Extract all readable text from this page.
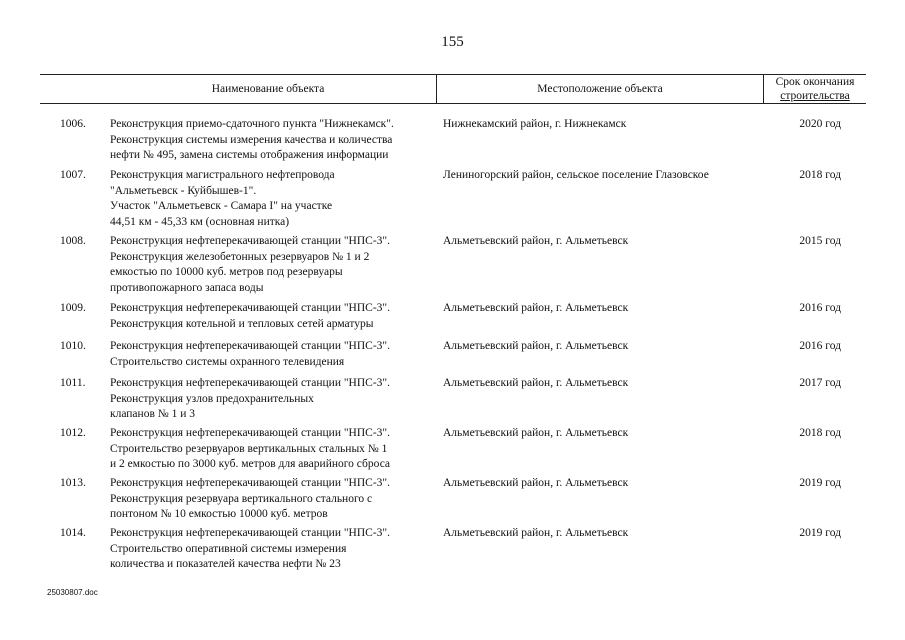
155
Наименование объекта	Местоположение объекта
Срок окончания
строительства
1006.	Реконструкция приемо-сдаточного пункта "Нижнекамск".
Реконструкция системы измерения качества и количества
нефти № 495, замена системы отображения информации
Нижнекамский район, г. Нижнекамск	2020 год
1007.	Реконструкция магистрального нефтепровода
"Альметьевск - Куйбышев-1".
Участок "Альметьевск - Самара I" на участке
44,51 км - 45,33 км (основная нитка)
Лениногорский район, сельское поселение Глазовское	2018 год
1008.	Реконструкция нефтеперекачивающей станции "НПС-3".
Реконструкция железобетонных резервуаров № 1 и 2
емкостью по 10000 куб. метров под резервуары
противопожарного запаса воды
Альметьевский район, г. Альметьевск	2015 год
1009.	Реконструкция нефтеперекачивающей станции "НПС-3".
Реконструкция котельной и тепловых сетей арматуры
Альметьевский район, г. Альметьевск	2016 год
1010.	Реконструкция нефтеперекачивающей станции "НПС-3".
Строительство системы охранного телевидения
Альметьевский район, г. Альметьевск	2016 год
1011.	Реконструкция нефтеперекачивающей станции "НПС-3".
Реконструкция узлов предохранительных
клапанов № 1 и 3
Альметьевский район, г. Альметьевск	2017 год
1012.	Реконструкция нефтеперекачивающей станции "НПС-3".
Строительство резервуаров вертикальных стальных № 1
и 2 емкостью по 3000 куб. метров для аварийного сброса
Альметьевский район, г. Альметьевск	2018 год
1013.	Реконструкция нефтеперекачивающей станции "НПС-3".
Реконструкция резервуара вертикального стального с
понтоном № 10 емкостью 10000 куб. метров
Альметьевский район, г. Альметьевск	2019 год
1014.	Реконструкция нефтеперекачивающей станции "НПС-3".
Строительство оперативной системы измерения
количества и показателей качества нефти № 23
Альметьевский район, г. Альметьевск	2019 год
25030807.doc
